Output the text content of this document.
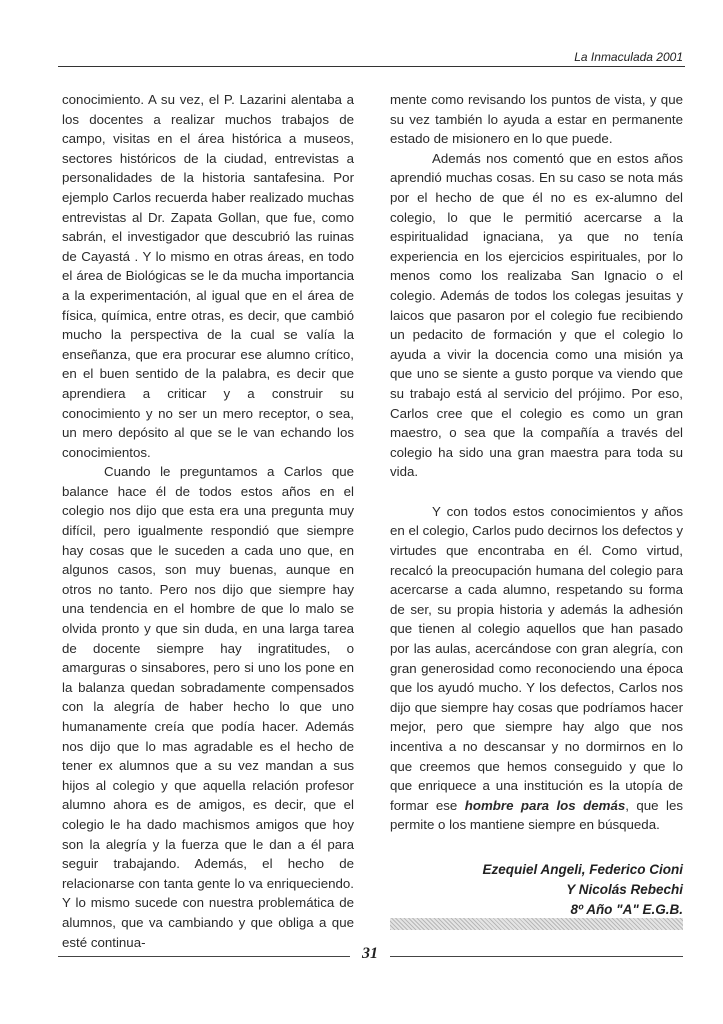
La Inmaculada 2001

conocimiento. A su vez, el P. Lazarini alentaba a los docentes a realizar muchos trabajos de campo, visitas en el área histórica a museos, sectores históricos de la ciudad, entrevistas a personalidades de la historia santafesina. Por ejemplo Carlos recuerda haber realizado muchas entrevistas al Dr. Zapata Gollan, que fue, como sabrán, el investigador que descubrió las ruinas de Cayastá . Y lo mismo en otras áreas, en todo el área de Biológicas se le da mucha importancia a la experimentación, al igual que en el área de física, química, entre otras, es decir, que cambió mucho la perspectiva de la cual se valía la enseñanza, que era procurar ese alumno crítico, en el buen sentido de la palabra, es decir que aprendiera a criticar y a construir su conocimiento y no ser un mero receptor, o sea, un mero depósito al que se le van echando los conocimientos.

Cuando le preguntamos a Carlos que balance hace él de todos estos años en el colegio nos dijo que esta era una pregunta muy difícil, pero igualmente respondió que siempre hay cosas que le suceden a cada uno que, en algunos casos, son muy buenas, aunque en otros no tanto. Pero nos dijo que siempre hay una tendencia en el hombre de que lo malo se olvida pronto y que sin duda, en una larga tarea de docente siempre hay ingratitudes, o amarguras o sinsabores, pero si uno los pone en la balanza quedan sobradamente compensados con la alegría de haber hecho lo que uno humanamente creía que podía hacer. Además nos dijo que lo mas agradable es el hecho de tener ex alumnos que a su vez mandan a sus hijos al colegio y que aquella relación profesor alumno ahora es de amigos, es decir, que el colegio le ha dado machismos amigos que hoy son la alegría y la fuerza que le dan a él para seguir trabajando. Además, el hecho de relacionarse con tanta gente lo va enriqueciendo. Y lo mismo sucede con nuestra problemática de alumnos, que va cambiando y que obliga a que esté continua-

mente como revisando los puntos de vista, y que su vez también lo ayuda a estar en permanente estado de misionero en lo que puede.

Además nos comentó que en estos años aprendió muchas cosas. En su caso se nota más por el hecho de que él no es ex-alumno del colegio, lo que le permitió acercarse a la espiritualidad ignaciana, ya que no tenía experiencia en los ejercicios espirituales, por lo menos como los realizaba San Ignacio o el colegio. Además de todos los colegas jesuitas y laicos que pasaron por el colegio fue recibiendo un pedacito de formación y que el colegio lo ayuda a vivir la docencia como una misión ya que uno se siente a gusto porque va viendo que su trabajo está al servicio del prójimo. Por eso, Carlos cree que el colegio es como un gran maestro, o sea que la compañía a través del colegio ha sido una gran maestra para toda su vida.

Y con todos estos conocimientos y años en el colegio, Carlos pudo decirnos los defectos y virtudes que encontraba en él. Como virtud, recalcó la preocupación humana del colegio para acercarse a cada alumno, respetando su forma de ser, su propia historia y además la adhesión que tienen al colegio aquellos que han pasado por las aulas, acercándose con gran alegría, con gran generosidad como reconociendo una época que los ayudó mucho. Y los defectos, Carlos nos dijo que siempre hay cosas que podríamos hacer mejor, pero que siempre hay algo que nos incentiva a no descansar y no dormirnos en lo que creemos que hemos conseguido y que lo que enriquece a una institución es la utopía de formar ese hombre para los demás, que les permite o los mantiene siempre en búsqueda.

Ezequiel Angeli, Federico Cioni
Y Nicolás Rebechi
8º Año "A" E.G.B.
31
